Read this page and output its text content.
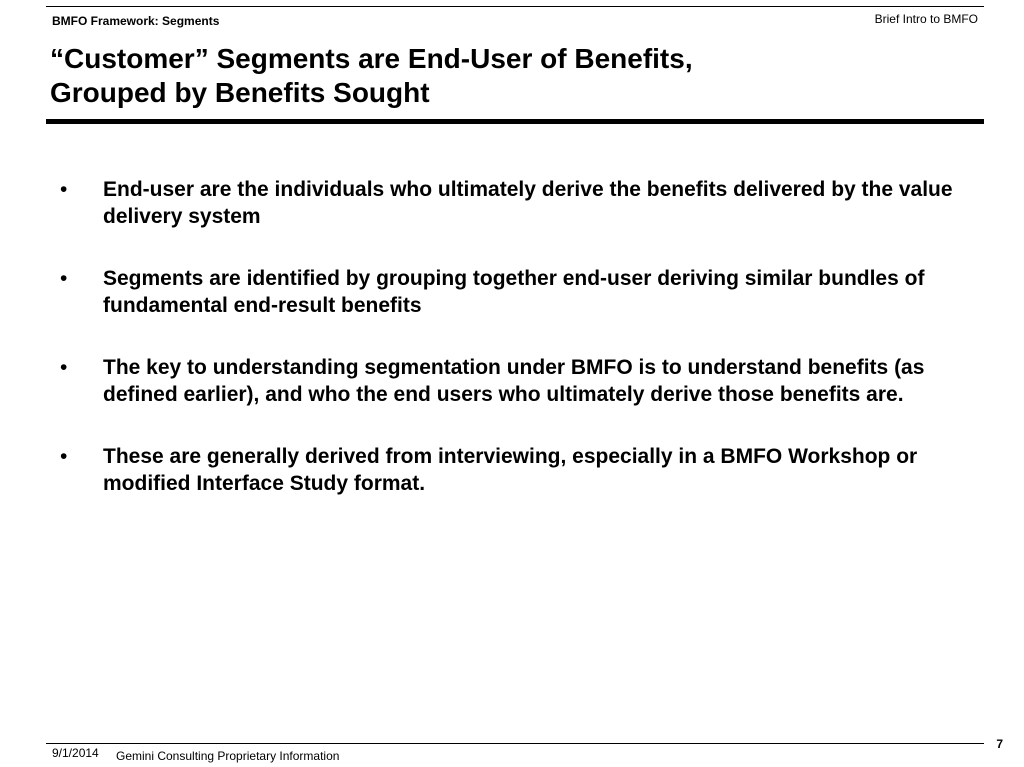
BMFO Framework: Segments	Brief Intro to BMFO
“Customer” Segments are End-User of Benefits,
Grouped by Benefits Sought
• End-user are the individuals who ultimately derive the benefits delivered by the value delivery system
• Segments are identified by grouping together end-user deriving similar bundles of fundamental end-result benefits
• The key to understanding segmentation under BMFO is to understand benefits (as defined earlier), and who the end users who ultimately derive those benefits are.
• These are generally derived from interviewing, especially in a BMFO Workshop or modified Interface Study format.
9/1/2014 Gemini Consulting Proprietary Information
7
